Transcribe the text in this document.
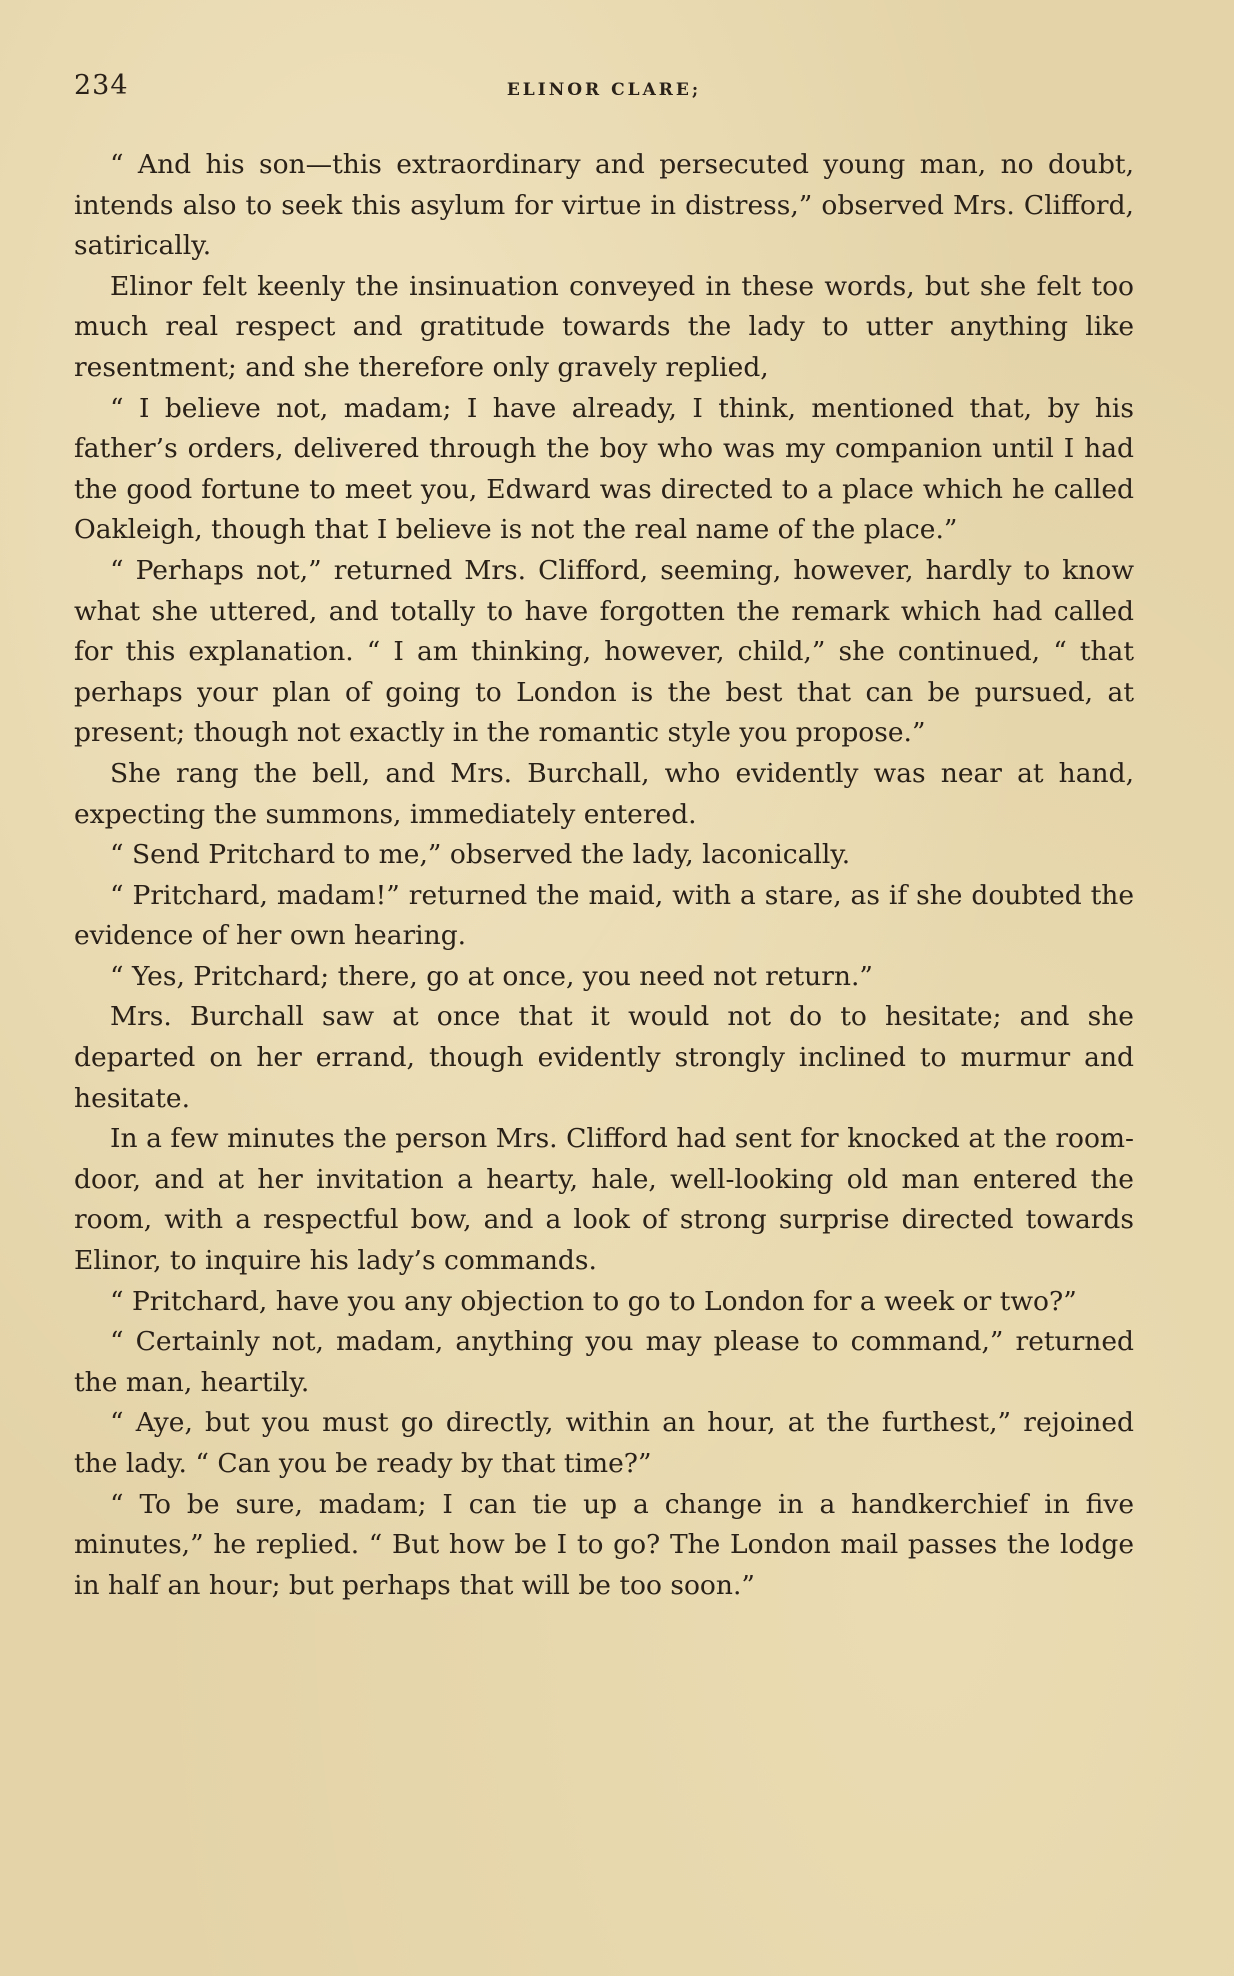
234	ELINOR CLARE;

“ And his son—this extraordinary and persecuted young man, no doubt, intends also to seek this asylum for virtue in distress,” observed Mrs. Clifford, satirically.

Elinor felt keenly the insinuation conveyed in these words, but she felt too much real respect and gratitude towards the lady to utter anything like resentment; and she therefore only gravely replied,

“ I believe not, madam; I have already, I think, mentioned that, by his father’s orders, delivered through the boy who was my companion until I had the good fortune to meet you, Edward was directed to a place which he called Oakleigh, though that I believe is not the real name of the place.”

“ Perhaps not,” returned Mrs. Clifford, seeming, however, hardly to know what she uttered, and totally to have forgotten the remark which had called for this explanation. “ I am thinking, however, child,” she continued, “ that perhaps your plan of going to London is the best that can be pursued, at present; though not exactly in the romantic style you propose.”

She rang the bell, and Mrs. Burchall, who evidently was near at hand, expecting the summons, immediately entered.

“ Send Pritchard to me,” observed the lady, laconically.

“ Pritchard, madam!” returned the maid, with a stare, as if she doubted the evidence of her own hearing.

“ Yes, Pritchard; there, go at once, you need not return.”

Mrs. Burchall saw at once that it would not do to hesitate; and she departed on her errand, though evidently strongly inclined to murmur and hesitate.

In a few minutes the person Mrs. Clifford had sent for knocked at the room-door, and at her invitation a hearty, hale, well-looking old man entered the room, with a respectful bow, and a look of strong surprise directed towards Elinor, to inquire his lady’s commands.

“ Pritchard, have you any objection to go to London for a week or two?”

“ Certainly not, madam, anything you may please to command,” returned the man, heartily.

“ Aye, but you must go directly, within an hour, at the furthest,” rejoined the lady. “ Can you be ready by that time?”

“ To be sure, madam; I can tie up a change in a handkerchief in five minutes,” he replied. “ But how be I to go? The London mail passes the lodge in half an hour; but perhaps that will be too soon.”
